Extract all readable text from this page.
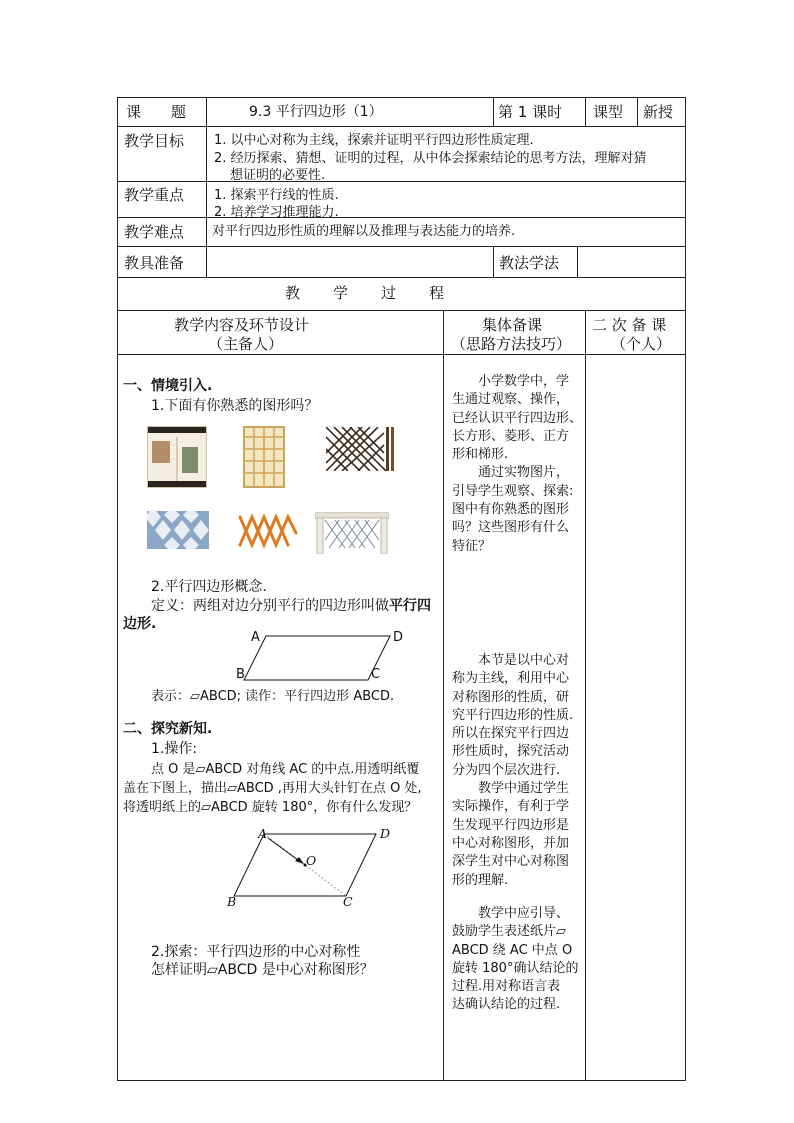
课　　题	9.3 平行四边形（1）	第 1 课时 课型 新授
教学目标 1. 以中心对称为主线，探索并证明平行四边形性质定理.
2. 经历探索、猜想、证明的过程，从中体会探索结论的思考方法，理解对猜
想证明的必要性.
教学重点 1. 探索平行线的性质.
2. 培养学习推理能力.
教学难点 对平行四边形性质的理解以及推理与表达能力的培养.
教具准备	教法学法
教　　学　　过　　程
教学内容及环节设计
（主备人）
集体备课
（思路方法技巧）
二 次 备 课
（个人）
一、情境引入.
1.下面有你熟悉的图形吗？
2.平行四边形概念.
定义：两组对边分别平行的四边形叫做平行四
边形.
A	D
B	C
表示：▱ABCD; 读作：平行四边形 ABCD.
二、探究新知.
1.操作:
点 O 是▱ABCD 对角线 AC 的中点.用透明纸覆
盖在下图上，描出▱ABCD ,再用大头针钉在点 O 处,
将透明纸上的▱ABCD 旋转 180°，你有什么发现？
A	D
O
B	C
2.探索：平行四边形的中心对称性
怎样证明▱ABCD 是中心对称图形？
小学数学中，学
生通过观察、操作，
已经认识平行四边形、
长方形、菱形、正方
形和梯形.
通过实物图片，
引导学生观察、探索:
图中有你熟悉的图形
吗？这些图形有什么
特征？
本节是以中心对
称为主线，利用中心
对称图形的性质，研
究平行四边形的性质.
所以在探究平行四边
形性质时，探究活动
分为四个层次进行.
教学中通过学生
实际操作，有利于学
生发现平行四边形是
中心对称图形，并加
深学生对中心对称图
形的理解.
教学中应引导、
鼓励学生表述纸片▱
ABCD 绕 AC 中点 O
旋转 180°确认结论的
过程.用对称语言表
达确认结论的过程.
